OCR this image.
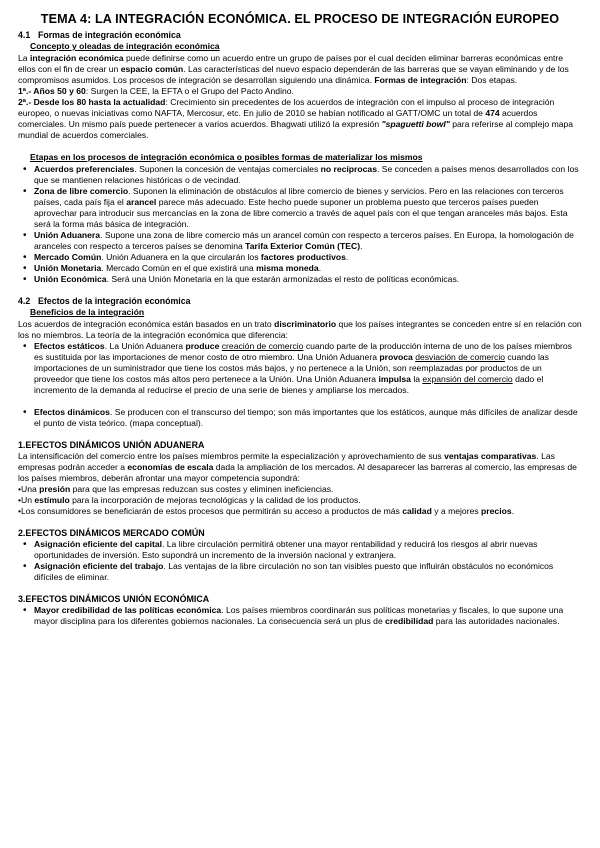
TEMA 4: LA INTEGRACIÓN ECONÓMICA. EL PROCESO DE INTEGRACIÓN EUROPEO
4.1 Formas de integración económica
Concepto y oleadas de integración económica

La integración económica puede definirse como un acuerdo entre un grupo de países por el cual deciden eliminar barreras económicas entre ellos con el fin de crear un espacio común. Las características del nuevo espacio dependerán de las barreras que se vayan eliminando y de los compromisos asumidos. Los procesos de integración se desarrollan siguiendo una dinámica. Formas de integración: Dos etapas.

1ª.- Años 50 y 60: Surgen la CEE, la EFTA o el Grupo del Pacto Andino.

2ª.- Desde los 80 hasta la actualidad: Crecimiento sin precedentes de los acuerdos de integración con el impulso al proceso de integración europeo, o nuevas iniciativas como NAFTA, Mercosur, etc. En julio de 2010 se habían notificado al GATT/OMC un total de 474 acuerdos comerciales. Un mismo país puede pertenecer a varios acuerdos. Bhagwati utilizó la expresión "spaguetti bowl" para referirse al complejo mapa mundial de acuerdos comerciales.

Etapas en los procesos de integración económica o posibles formas de materializar los mismos
• Acuerdos preferenciales. Suponen la concesión de ventajas comerciales no recíprocas. Se conceden a países menos desarrollados con los que se mantienen relaciones históricas o de vecindad.
• Zona de libre comercio. Suponen la eliminación de obstáculos al libre comercio de bienes y servicios. Pero en las relaciones con terceros países, cada país fija el arancel parece más adecuado. Este hecho puede suponer un problema puesto que terceros países pueden aprovechar para introducir sus mercancías en la zona de libre comercio a través de aquel país con el que tengan aranceles más bajos. Esta será la forma más básica de integración.
• Unión Aduanera. Supone una zona de libre comercio más un arancel común con respecto a terceros países. En Europa, la homologación de aranceles con respecto a terceros países se denomina Tarifa Exterior Común (TEC).
• Mercado Común. Unión Aduanera en la que circularán los factores productivos.
• Unión Monetaria. Mercado Común en el que existirá una misma moneda.
• Unión Económica. Será una Unión Monetaria en la que estarán armonizadas el resto de políticas económicas.
4.2 Efectos de la integración económica
Beneficios de la integración

Los acuerdos de integración económica están basados en un trato discriminatorio que los países integrantes se conceden entre sí en relación con los no miembros. La teoría de la integración económica que diferencia:

• Efectos estáticos. La Unión Aduanera produce creación de comercio cuando parte de la producción interna de uno de los países miembros es sustituida por las importaciones de menor costo de otro miembro. Una Unión Aduanera provoca desviación de comercio cuando las importaciones de un suministrador que tiene los costos más bajos, y no pertenece a la Unión, son reemplazadas por productos de un proveedor que tiene los costos más altos pero pertenece a la Unión. Una Unión Aduanera impulsa la expansión del comercio dado el incremento de la demanda al reducirse el precio de una serie de bienes y ampliarse los mercados.
• Efectos dinámicos. Se producen con el transcurso del tiempo; son más importantes que los estáticos, aunque más difíciles de analizar desde el punto de vista teórico. (mapa conceptual).
1.EFECTOS DINÁMICOS UNIÓN ADUANERA

La intensificación del comercio entre los países miembros permite la especialización y aprovechamiento de sus ventajas comparativas. Las empresas podrán acceder a economías de escala dada la ampliación de los mercados. Al desaparecer las barreras al comercio, las empresas de los países miembros, deberán afrontar una mayor competencia supondrá:

•Una presión para que las empresas reduzcan sus costes y eliminen ineficiencias.

•Un estímulo para la incorporación de mejoras tecnológicas y la calidad de los productos.

•Los consumidores se beneficiarán de estos procesos que permitirán su acceso a productos de más calidad y a mejores precios.

2.EFECTOS DINÁMICOS MERCADO COMÚN
• Asignación eficiente del capital. La libre circulación permitirá obtener una mayor rentabilidad y reducirá los riesgos al abrir nuevas oportunidades de inversión. Esto supondrá un incremento de la inversión nacional y extranjera.
• Asignación eficiente del trabajo. Las ventajas de la libre circulación no son tan visibles puesto que influirán obstáculos no económicos difíciles de eliminar.
3.EFECTOS DINÁMICOS UNIÓN ECONÓMICA
• Mayor credibilidad de las políticas económica. Los países miembros coordinarán sus políticas monetarias y fiscales, lo que supone una mayor disciplina para los diferentes gobiernos nacionales. La consecuencia será un plus de credibilidad para las autoridades nacionales.
